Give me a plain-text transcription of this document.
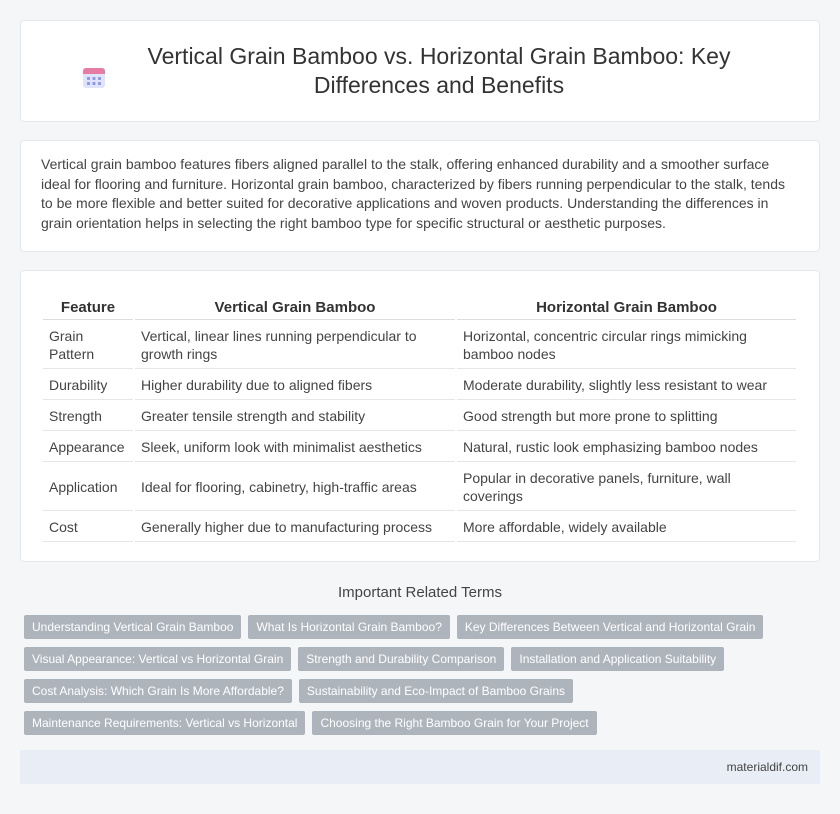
Vertical Grain Bamboo vs. Horizontal Grain Bamboo: Key Differences and Benefits

Vertical grain bamboo features fibers aligned parallel to the stalk, offering enhanced durability and a smoother surface ideal for flooring and furniture. Horizontal grain bamboo, characterized by fibers running perpendicular to the stalk, tends to be more flexible and better suited for decorative applications and woven products. Understanding the differences in grain orientation helps in selecting the right bamboo type for specific structural or aesthetic purposes.

Feature	Vertical Grain Bamboo	Horizontal Grain Bamboo
Grain Pattern	Vertical, linear lines running perpendicular to growth rings	Horizontal, concentric circular rings mimicking bamboo nodes
Durability	Higher durability due to aligned fibers	Moderate durability, slightly less resistant to wear
Strength	Greater tensile strength and stability	Good strength but more prone to splitting
Appearance	Sleek, uniform look with minimalist aesthetics	Natural, rustic look emphasizing bamboo nodes
Application	Ideal for flooring, cabinetry, high-traffic areas	Popular in decorative panels, furniture, wall coverings
Cost	Generally higher due to manufacturing process	More affordable, widely available
Important Related Terms
Understanding Vertical Grain Bamboo	What Is Horizontal Grain Bamboo?	Key Differences Between Vertical and Horizontal Grain
Visual Appearance: Vertical vs Horizontal Grain	Strength and Durability Comparison	Installation and Application Suitability
Cost Analysis: Which Grain Is More Affordable?	Sustainability and Eco-Impact of Bamboo Grains
Maintenance Requirements: Vertical vs Horizontal	Choosing the Right Bamboo Grain for Your Project
materialdif.com
